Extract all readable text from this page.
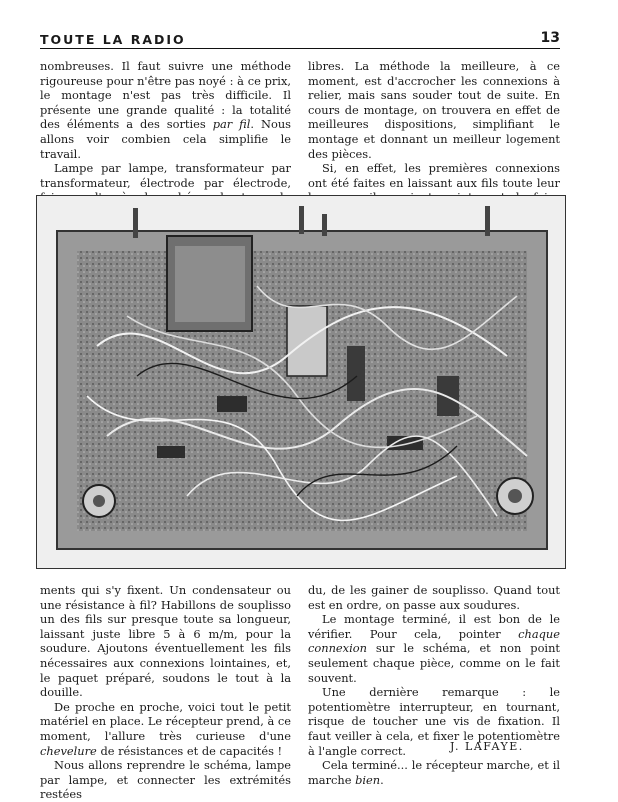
TOUTE LA RADIO	13

nombreuses. Il faut suivre une méthode rigoureuse pour n'être pas noyé : à ce prix, le montage n'est pas très difficile. Il présente une grande qualité : la totalité des éléments a des sorties par fil. Nous allons voir combien cela simplifie le travail.

Lampe par lampe, transformateur par transformateur, électrode par électrode,

libres. La méthode la meilleure, à ce moment, est d'accrocher les connexions à relier, mais sans souder tout de suite. En cours de montage, on trouvera en effet de meilleures dispositions, simplifiant le montage et donnant un meilleur logement des pièces.

Si, en effet, les premières connexions ont été faites en laissant aux fils toute leur

ments qui s'y fixent. Un condensateur ou une résistance à fil? Habillons de souplisso un des fils sur presque toute sa longueur, laissant juste libre 5 à 6 m/m, pour la soudure. Ajoutons éventuellement les fils nécessaires aux connexions lointaines, et, le paquet préparé, soudons le tout à la douille.

De proche en proche, voici tout le petit matériel en place. Le récepteur prend, à ce moment, l'allure très curieuse d'une chevelure de résistances et de capacités !

Nous allons reprendre le schéma, lampe par lampe, et connecter les extrémités restées

du, de les gainer de souplisso. Quand tout est en ordre, on passe aux soudures.

Le montage terminé, il est bon de le vérifier. Pour cela, pointer chaque connexion sur le schéma, et non point seulement chaque pièce, comme on le fait souvent.

Une dernière remarque : le potentiomètre interrupteur, en tournant, risque de toucher une vis de fixation. Il faut veiller à cela, et fixer le potentiomètre à l'angle correct.

Cela terminé... le récepteur marche, et il marche bien.

J. LAFAYE.
